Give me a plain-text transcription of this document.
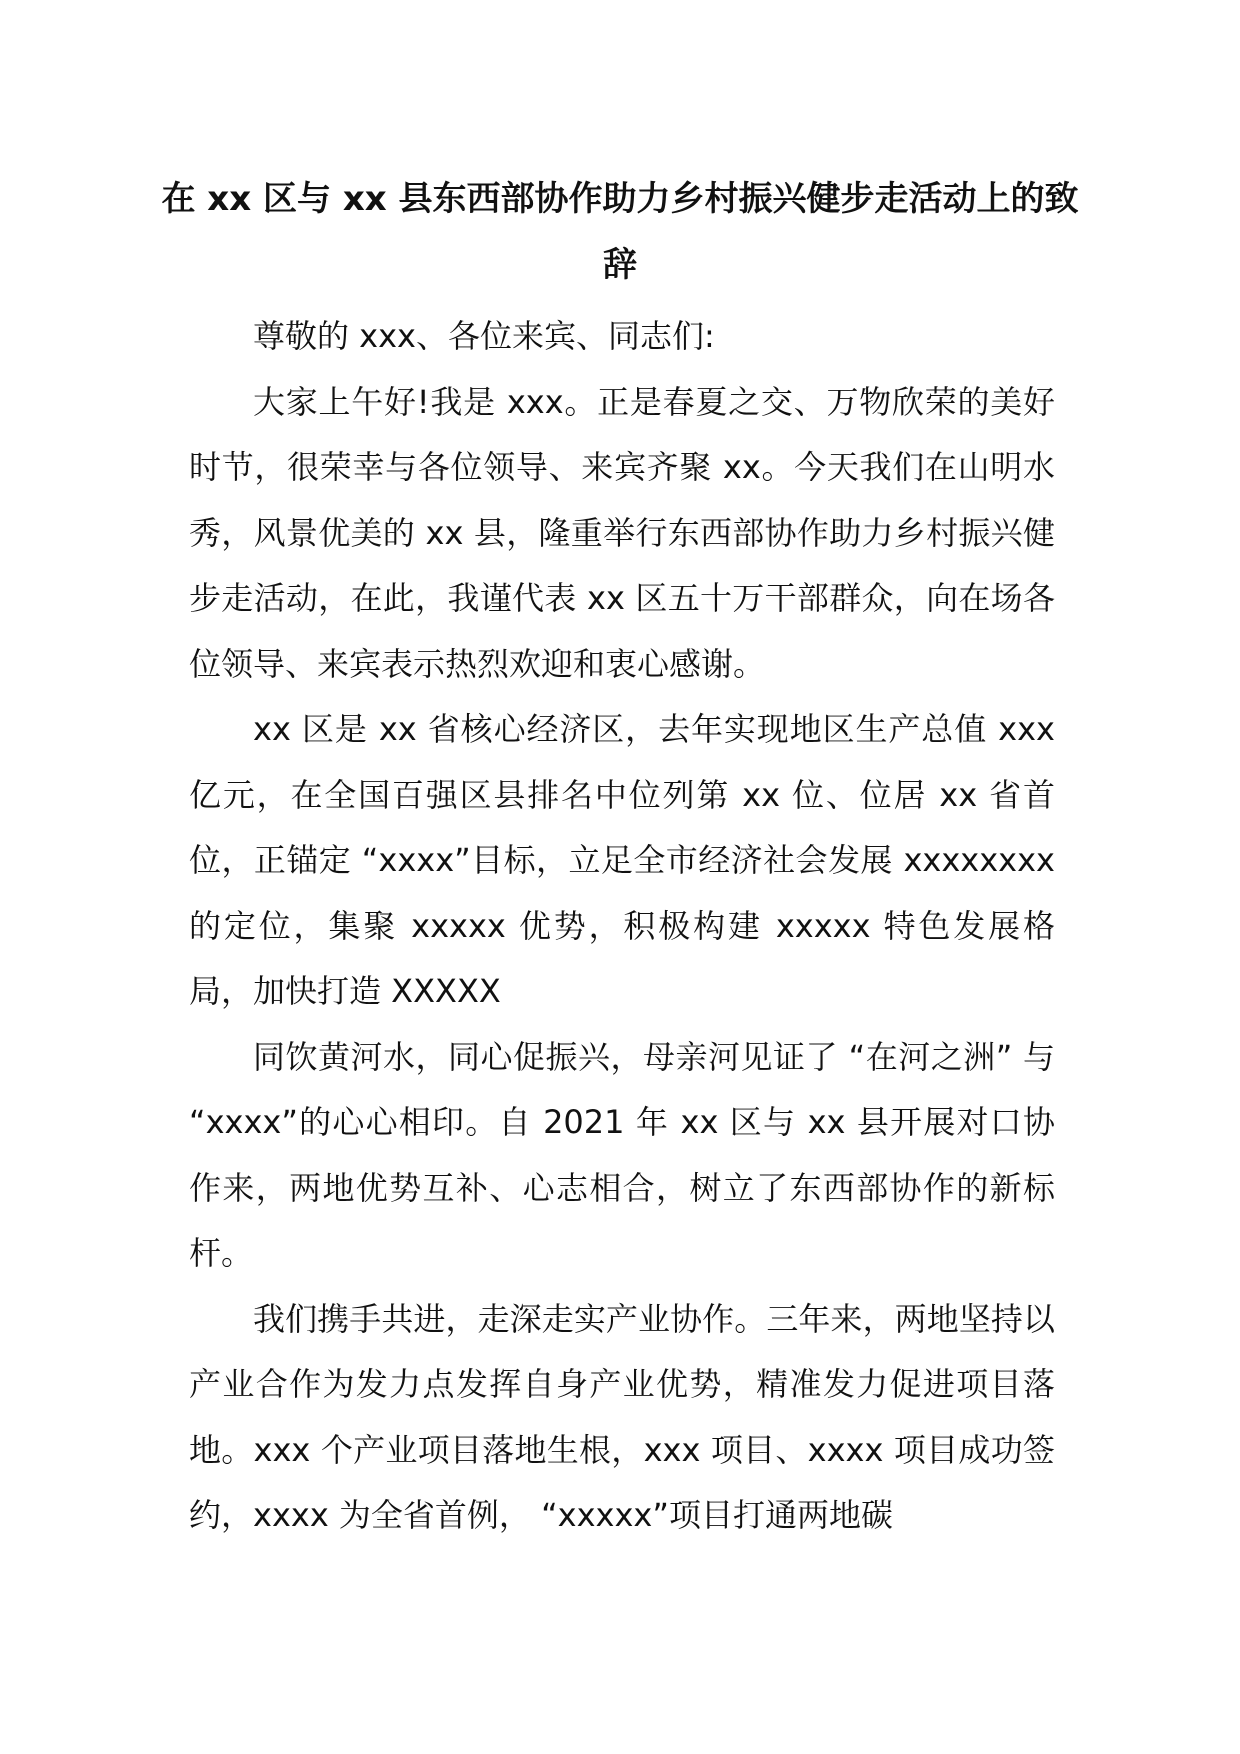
在 xx 区与 xx 县东西部协作助力乡村振兴健步走活动上的致辞

尊敬的 xxx、各位来宾、同志们:

大家上午好!我是 xxx。正是春夏之交、万物欣荣的美好时节，很荣幸与各位领导、来宾齐聚 xx。今天我们在山明水秀，风景优美的 xx 县，隆重举行东西部协作助力乡村振兴健步走活动，在此，我谨代表 xx 区五十万干部群众，向在场各位领导、来宾表示热烈欢迎和衷心感谢。

xx 区是 xx 省核心经济区，去年实现地区生产总值 xxx 亿元，在全国百强区县排名中位列第 xx 位、位居 xx 省首位，正锚定 “xxxx”目标，立足全市经济社会发展 xxxxxxxx 的定位，集聚 xxxxx 优势，积极构建 xxxxx 特色发展格局，加快打造 XXXXX

同饮黄河水，同心促振兴，母亲河见证了 “在河之洲” 与 “xxxx”的心心相印。自 2021 年 xx 区与 xx 县开展对口协作来，两地优势互补、心志相合，树立了东西部协作的新标杆。

我们携手共进，走深走实产业协作。三年来，两地坚持以产业合作为发力点发挥自身产业优势，精准发力促进项目落地。xxx 个产业项目落地生根，xxx 项目、xxxx 项目成功签约，xxxx 为全省首例， “xxxxx”项目打通两地碳
